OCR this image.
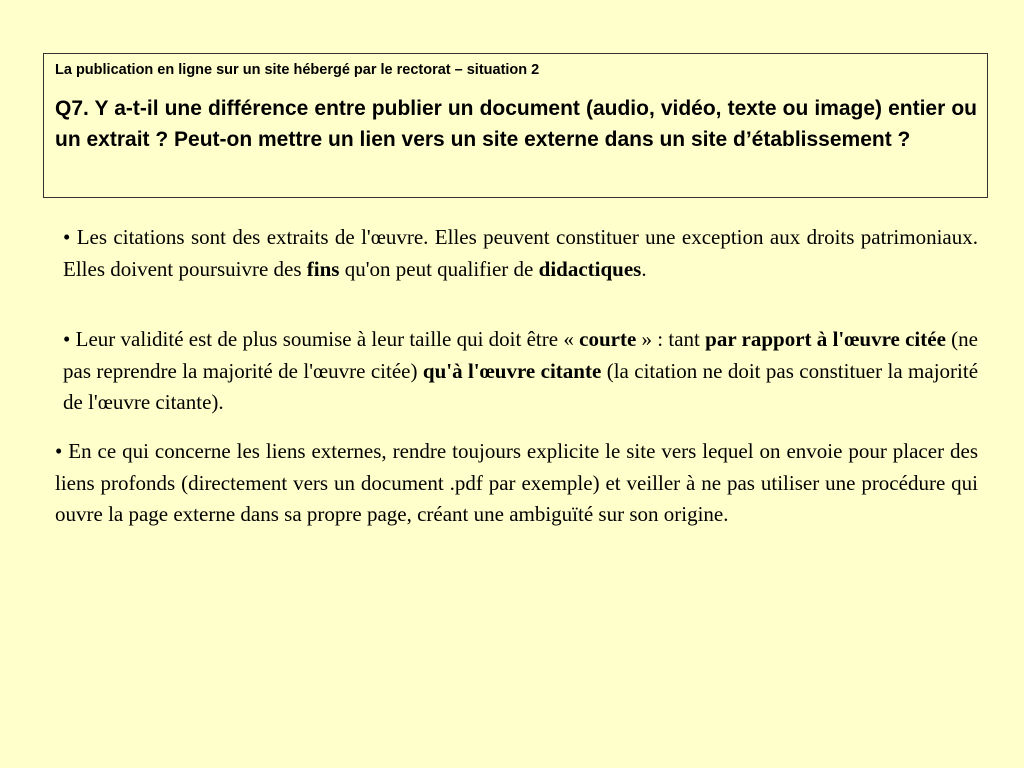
La publication en ligne sur un site hébergé par le rectorat – situation 2

Q7. Y a-t-il une différence entre publier un document (audio, vidéo, texte ou image) entier ou un extrait ? Peut-on mettre un lien vers un site externe dans un site d’établissement ?

• Les citations sont des extraits de l'œuvre. Elles peuvent constituer une exception aux droits patrimoniaux. Elles doivent poursuivre des fins qu'on peut qualifier de didactiques.

• Leur validité est de plus soumise à leur taille qui doit être « courte » : tant par rapport à l'œuvre citée (ne pas reprendre la majorité de l'œuvre citée) qu'à l'œuvre citante (la citation ne doit pas constituer la majorité de l'œuvre citante).

• En ce qui concerne les liens externes, rendre toujours explicite le site vers lequel on envoie pour placer des liens profonds (directement vers un document .pdf par exemple) et veiller à ne pas utiliser une procédure qui ouvre la page externe dans sa propre page, créant une ambiguïté sur son origine.
